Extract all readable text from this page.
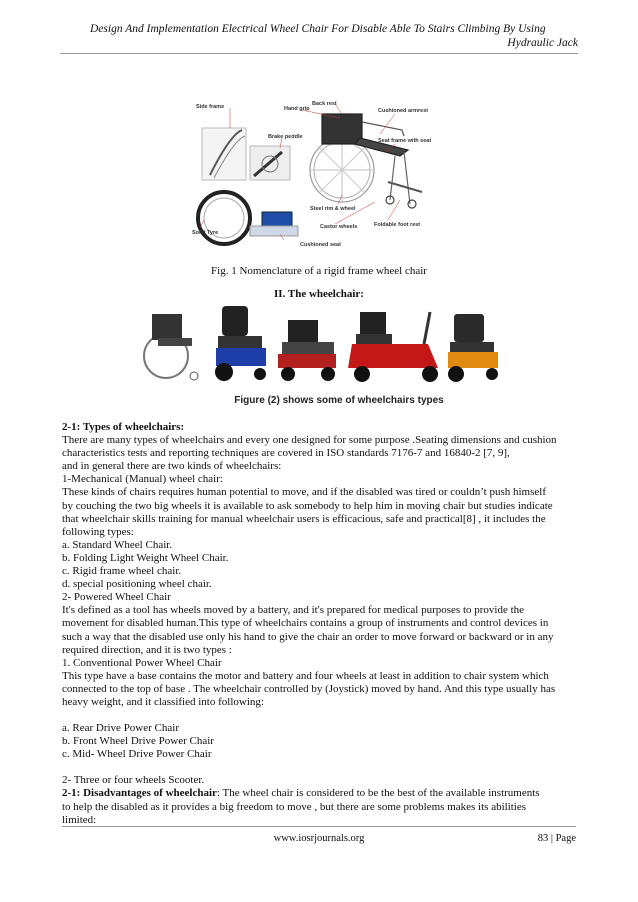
Design And Implementation Electrical Wheel Chair For Disable Able To Stairs Climbing By Using
Hydraulic Jack
Back rest
Hand grip
Side frame
Cushioned armrest
Brake peddle
Seat frame with seat
Steel rim & wheel
Solid Tyre
Castor wheels	Foldable foot rest
Cushioned seat
Fig. 1 Nomenclature of a rigid frame wheel chair
II. The wheelchair:
Figure (2) shows some of wheelchairs types

2-1: Types of wheelchairs:

There are many types of wheelchairs and every one designed for some purpose .Seating dimensions and cushion

characteristics tests and reporting techniques are covered in ISO standards 7176-7 and 16840-2 [7, 9],

and in general there are two kinds of wheelchairs:

1-Mechanical (Manual) wheel chair:

These kinds of chairs requires human potential to move, and if the disabled was tired or couldn’t push himself

by couching the two big wheels it is available to ask somebody to help him in moving chair but studies indicate

that wheelchair skills training for manual wheelchair users is efficacious, safe and practical[8] , it includes the

following types:

a. Standard Wheel Chair.

b. Folding Light Weight Wheel Chair.

c. Rigid frame wheel chair.

d. special positioning wheel chair.

2- Powered Wheel Chair

It's defined as a tool has wheels moved by a battery, and it's prepared for medical purposes to provide the

movement for disabled human.This type of wheelchairs contains a group of instruments and control devices in

such a way that the disabled use only his hand to give the chair an order to move forward or backward or in any

required direction, and it is two types :

1. Conventional Power Wheel Chair

This type have a base contains the motor and battery and four wheels at least in addition to chair system which

connected to the top of base . The wheelchair controlled by (Joystick) moved by hand. And this type usually has

heavy weight, and it classified into following:

a. Rear Drive Power Chair

b. Front Wheel Drive Power Chair

c. Mid- Wheel Drive Power Chair

2- Three or four wheels Scooter.

2-1: Disadvantages of wheelchair: The wheel chair is considered to be the best of the available instruments

to help the disabled as it provides a big freedom to move , but there are some problems makes its abilities

limited:

www.iosrjournals.org	83 | Page
